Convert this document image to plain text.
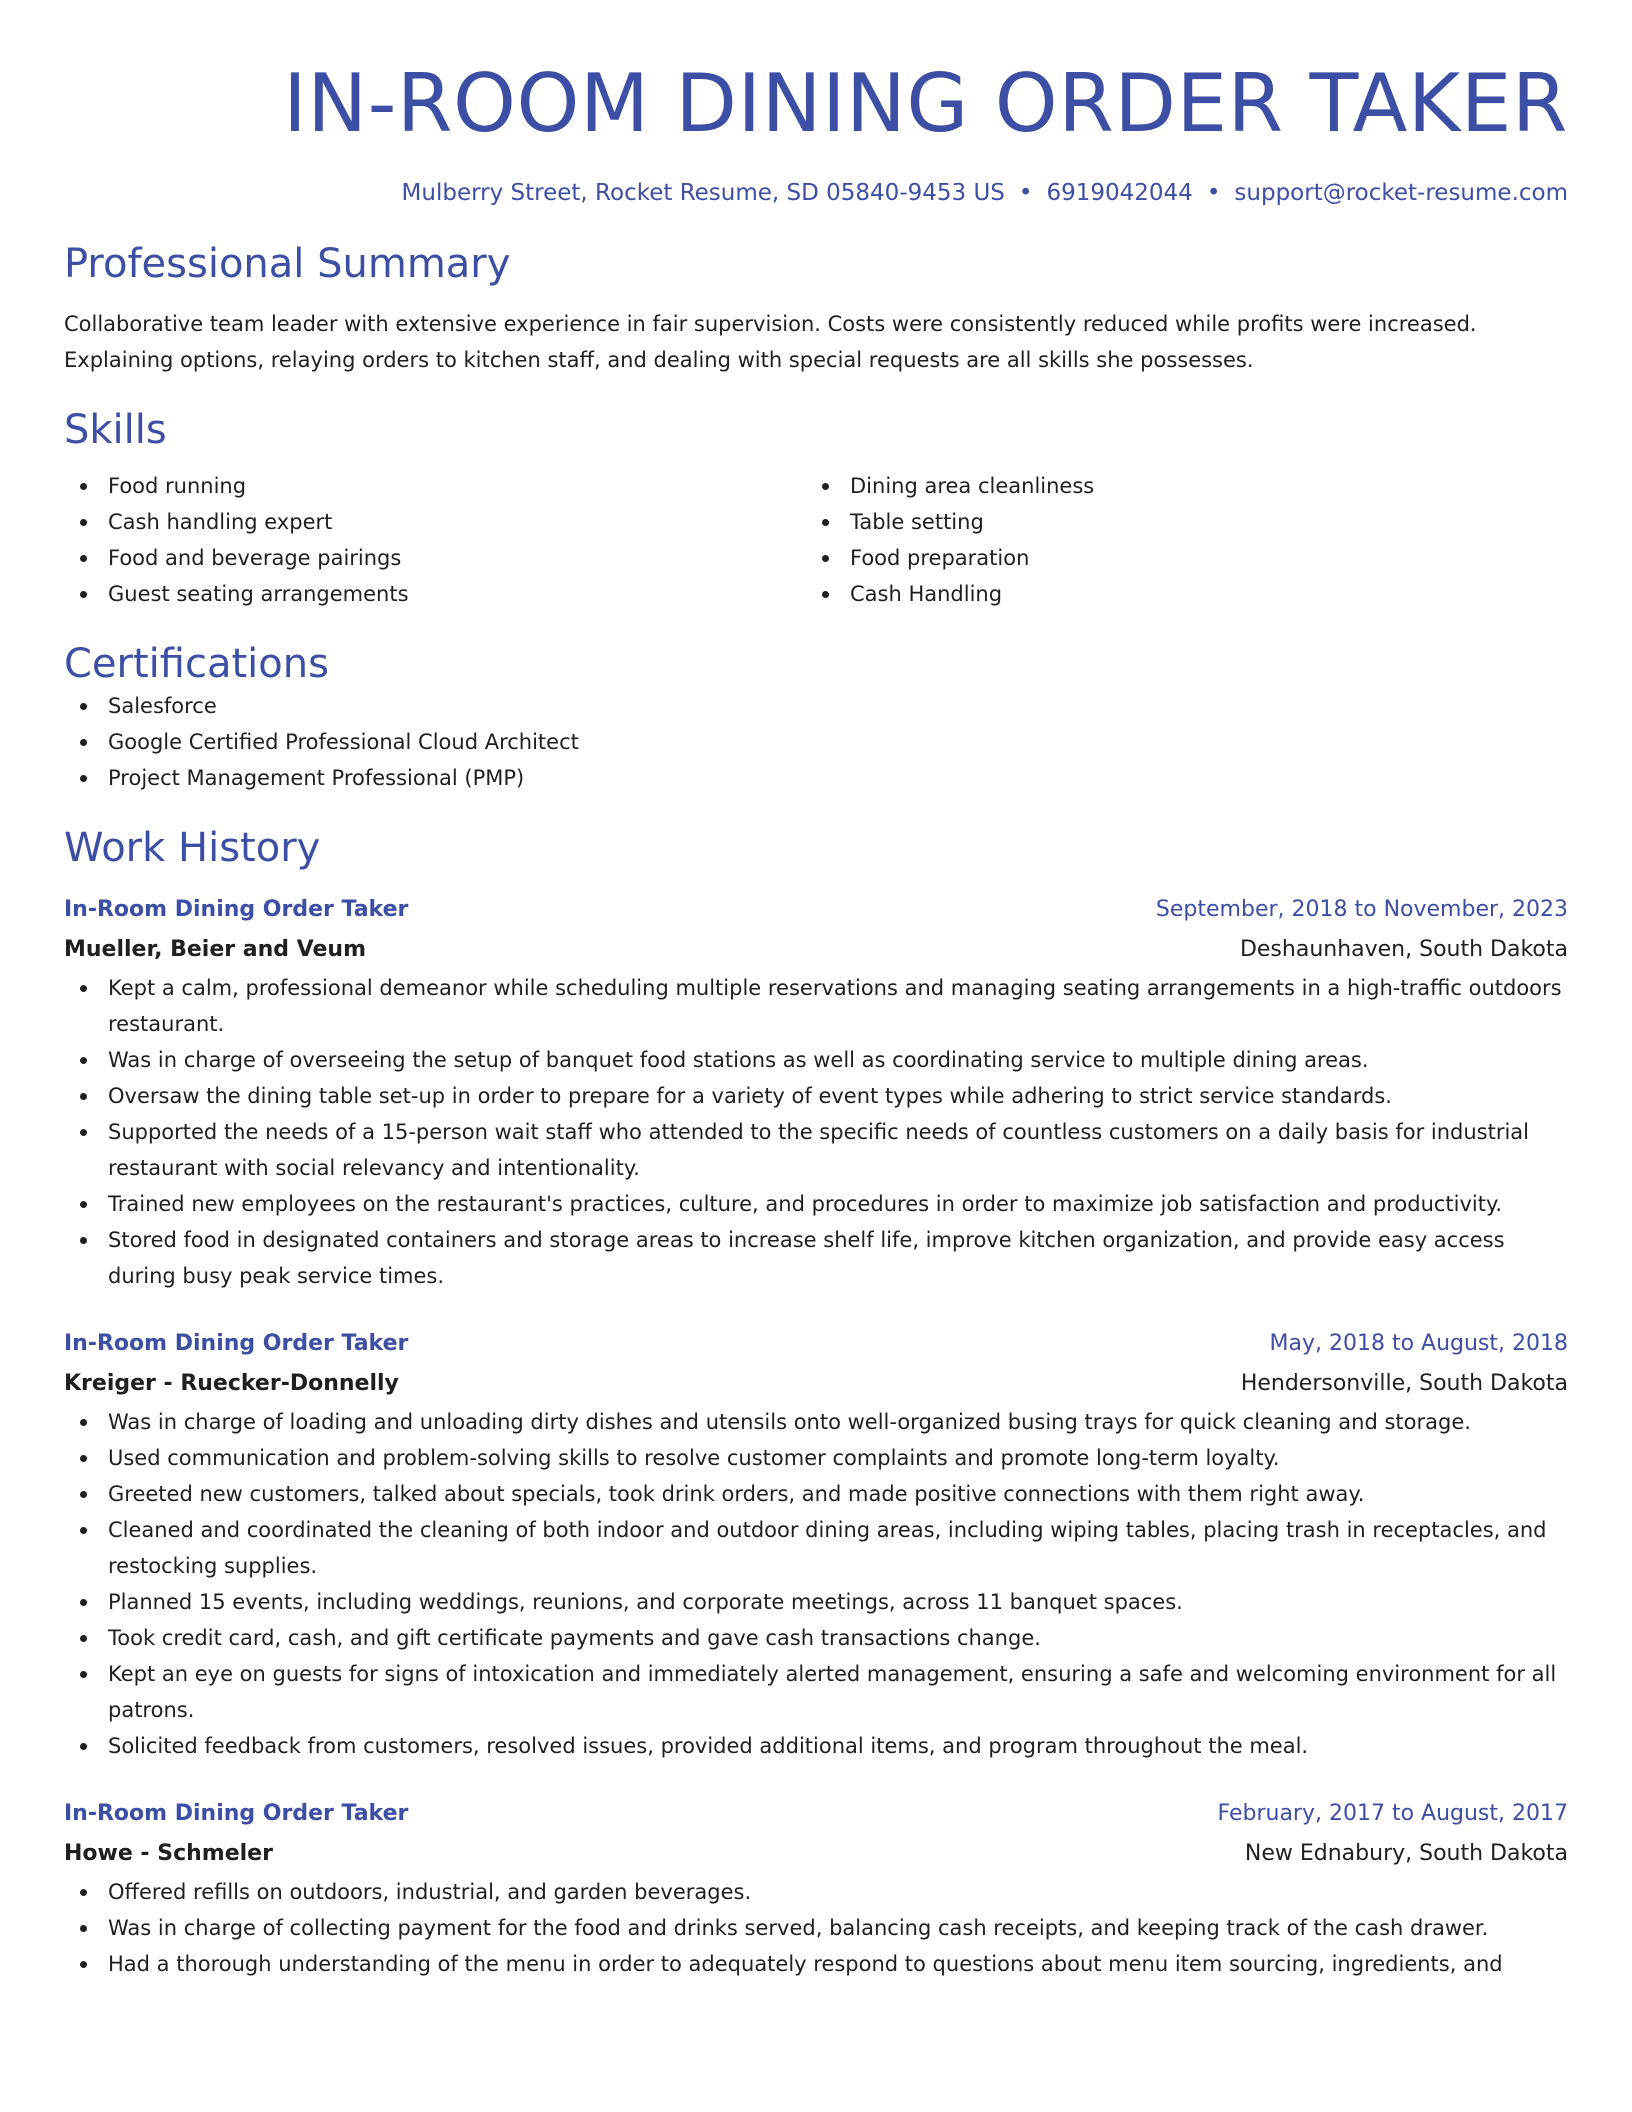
IN-ROOM DINING ORDER TAKER
Mulberry Street, Rocket Resume, SD 05840-9453 US • 6919042044 • support@rocket-resume.com
Professional Summary

Collaborative team leader with extensive experience in fair supervision. Costs were consistently reduced while profits were increased. Explaining options, relaying orders to kitchen staff, and dealing with special requests are all skills she possesses.

Skills
Food running
Cash handling expert
Food and beverage pairings
Guest seating arrangements
Dining area cleanliness
Table setting
Food preparation
Cash Handling
Certifications
Salesforce
Google Certified Professional Cloud Architect
Project Management Professional (PMP)
Work History
In-Room Dining Order Taker	September, 2018 to November, 2023
Mueller, Beier and Veum	Deshaunhaven, South Dakota
Kept a calm, professional demeanor while scheduling multiple reservations and managing seating arrangements in a high-traffic outdoors restaurant.
Was in charge of overseeing the setup of banquet food stations as well as coordinating service to multiple dining areas.
Oversaw the dining table set-up in order to prepare for a variety of event types while adhering to strict service standards.
Supported the needs of a 15-person wait staff who attended to the specific needs of countless customers on a daily basis for industrial restaurant with social relevancy and intentionality.
Trained new employees on the restaurant's practices, culture, and procedures in order to maximize job satisfaction and productivity.
Stored food in designated containers and storage areas to increase shelf life, improve kitchen organization, and provide easy access during busy peak service times.
In-Room Dining Order Taker	May, 2018 to August, 2018
Kreiger - Ruecker-Donnelly	Hendersonville, South Dakota
Was in charge of loading and unloading dirty dishes and utensils onto well-organized busing trays for quick cleaning and storage.
Used communication and problem-solving skills to resolve customer complaints and promote long-term loyalty.
Greeted new customers, talked about specials, took drink orders, and made positive connections with them right away.
Cleaned and coordinated the cleaning of both indoor and outdoor dining areas, including wiping tables, placing trash in receptacles, and restocking supplies.
Planned 15 events, including weddings, reunions, and corporate meetings, across 11 banquet spaces.
Took credit card, cash, and gift certificate payments and gave cash transactions change.
Kept an eye on guests for signs of intoxication and immediately alerted management, ensuring a safe and welcoming environment for all patrons.
Solicited feedback from customers, resolved issues, provided additional items, and program throughout the meal.
In-Room Dining Order Taker	February, 2017 to August, 2017
Howe - Schmeler	New Ednabury, South Dakota
Offered refills on outdoors, industrial, and garden beverages.
Was in charge of collecting payment for the food and drinks served, balancing cash receipts, and keeping track of the cash drawer.
Had a thorough understanding of the menu in order to adequately respond to questions about menu item sourcing, ingredients, and
